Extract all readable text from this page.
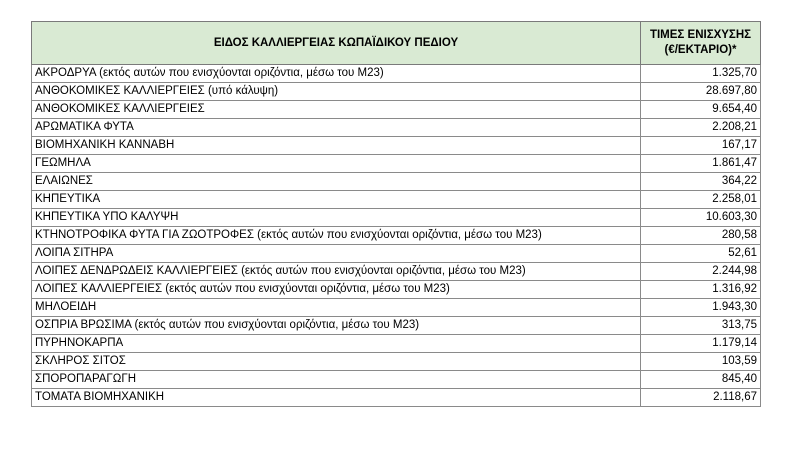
ΕΙΔΟΣ ΚΑΛΛΙΕΡΓΕΙΑΣ ΚΩΠΑΪΔΙΚΟΥ ΠΕΔΙΟΥ	ΤΙΜΕΣ ΕΝΙΣΧΥΣΗΣ
(€/ΕΚΤΑΡΙΟ)*
ΑΚΡΟΔΡΥΑ (εκτός αυτών που ενισχύονται οριζόντια, μέσω του Μ23)	1.325,70
ΑΝΘΟΚΟΜΙΚΕΣ ΚΑΛΛΙΕΡΓΕΙΕΣ (υπό κάλυψη)	28.697,80
ΑΝΘΟΚΟΜΙΚΕΣ ΚΑΛΛΙΕΡΓΕΙΕΣ	9.654,40
ΑΡΩΜΑΤΙΚΑ ΦΥΤΑ	2.208,21
ΒΙΟΜΗΧΑΝΙΚΗ ΚΑΝΝΑΒΗ	167,17
ΓΕΩΜΗΛΑ	1.861,47
ΕΛΑΙΩΝΕΣ	364,22
ΚΗΠΕΥΤΙΚΑ	2.258,01
ΚΗΠΕΥΤΙΚΑ ΥΠΟ ΚΑΛΥΨΗ	10.603,30
ΚΤΗΝΟΤΡΟΦΙΚΑ ΦΥΤΑ ΓΙΑ ΖΩΟΤΡΟΦΕΣ (εκτός αυτών που ενισχύονται οριζόντια, μέσω του Μ23)	280,58
ΛΟΙΠΑ ΣΙΤΗΡΑ	52,61
ΛΟΙΠΕΣ ΔΕΝΔΡΩΔΕΙΣ ΚΑΛΛΙΕΡΓΕΙΕΣ (εκτός αυτών που ενισχύονται οριζόντια, μέσω του Μ23)	2.244,98
ΛΟΙΠΕΣ ΚΑΛΛΙΕΡΓΕΙΕΣ (εκτός αυτών που ενισχύονται οριζόντια, μέσω του Μ23)	1.316,92
ΜΗΛΟΕΙΔΗ	1.943,30
ΟΣΠΡΙΑ ΒΡΩΣΙΜΑ (εκτός αυτών που ενισχύονται οριζόντια, μέσω του Μ23)	313,75
ΠΥΡΗΝΟΚΑΡΠΑ	1.179,14
ΣΚΛΗΡΟΣ ΣΙΤΟΣ	103,59
ΣΠΟΡΟΠΑΡΑΓΩΓΗ	845,40
ΤΟΜΑΤΑ ΒΙΟΜΗΧΑΝΙΚΗ	2.118,67
